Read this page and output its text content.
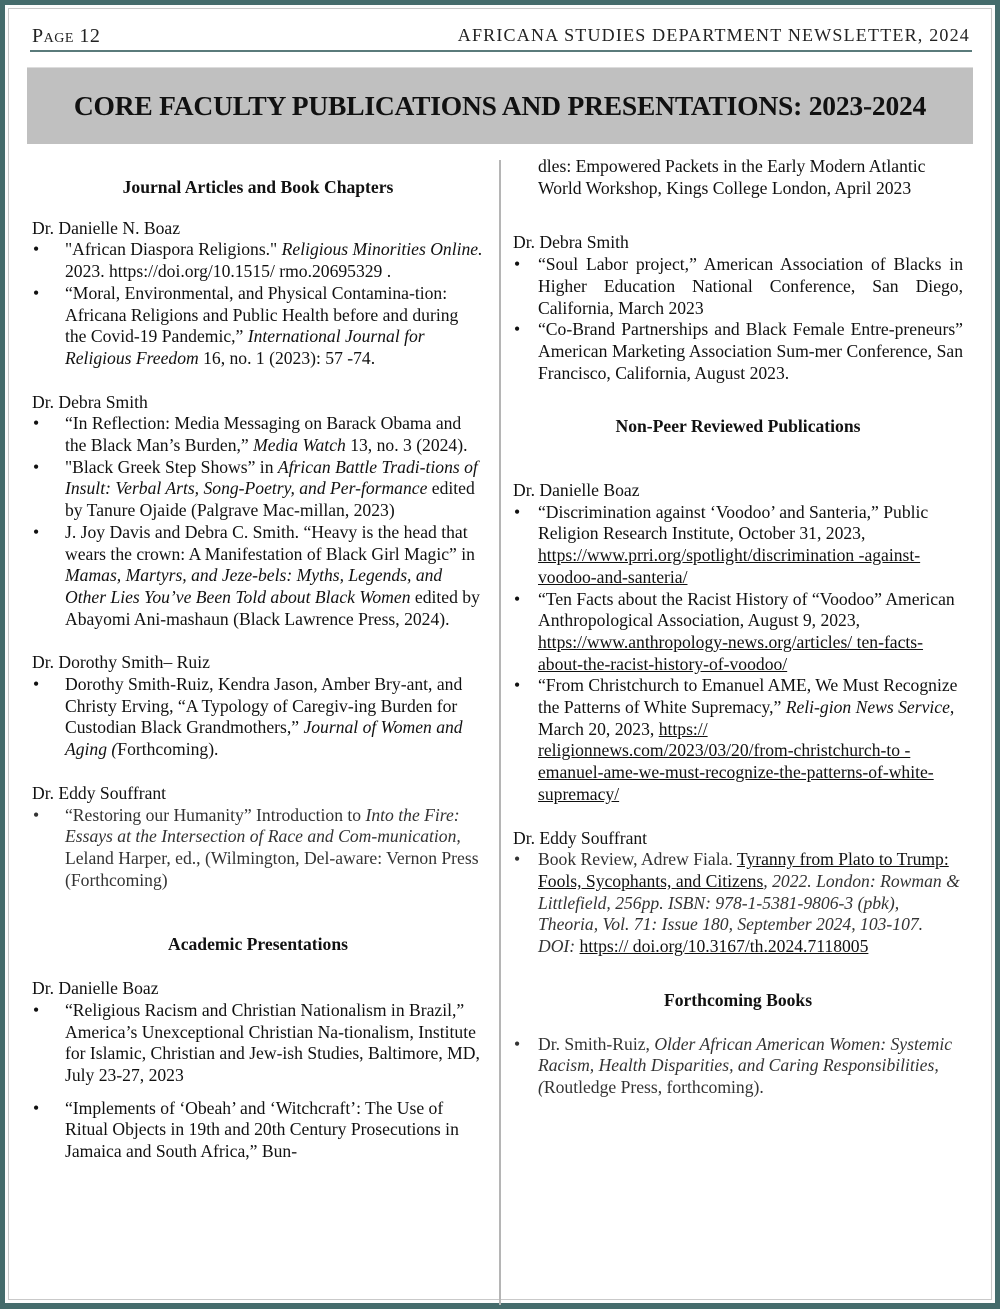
Page 12	AFRICANA STUDIES DEPARTMENT NEWSLETTER, 2024
CORE FACULTY PUBLICATIONS AND PRESENTATIONS: 2023-2024

Journal Articles and Book Chapters

Dr. Danielle N. Boaz

• "African Diaspora Religions." Religious Minorities Online. 2023. https://doi.org/10.1515/ rmo.20695329 .
• “Moral, Environmental, and Physical Contamina-tion: Africana Religions and Public Health before and during the Covid-19 Pandemic,” International Journal for Religious Freedom 16, no. 1 (2023): 57 -74.

Dr. Debra Smith

• “In Reflection: Media Messaging on Barack Obama and the Black Man’s Burden,” Media Watch 13, no. 3 (2024).
• "Black Greek Step Shows” in African Battle Tradi-tions of Insult: Verbal Arts, Song-Poetry, and Per-formance edited by Tanure Ojaide (Palgrave Mac-millan, 2023)
• J. Joy Davis and Debra C. Smith. “Heavy is the head that wears the crown: A Manifestation of Black Girl Magic” in Mamas, Martyrs, and Jeze-bels: Myths, Legends, and Other Lies You’ve Been Told about Black Women edited by Abayomi Ani-mashaun (Black Lawrence Press, 2024).

Dr. Dorothy Smith– Ruiz

• Dorothy Smith-Ruiz, Kendra Jason, Amber Bry-ant, and Christy Erving, “A Typology of Caregiv-ing Burden for Custodian Black Grandmothers,” Journal of Women and Aging (Forthcoming).

Dr. Eddy Souffrant

• “Restoring our Humanity” Introduction to Into the Fire: Essays at the Intersection of Race and Com-munication, Leland Harper, ed., (Wilmington, Del-aware: Vernon Press (Forthcoming)

Academic Presentations

Dr. Danielle Boaz

• “Religious Racism and Christian Nationalism in Brazil,” America’s Unexceptional Christian Na-tionalism, Institute for Islamic, Christian and Jew-ish Studies, Baltimore, MD, July 23-27, 2023
• “Implements of ‘Obeah’ and ‘Witchcraft’: The Use of Ritual Objects in 19th and 20th Century Prosecutions in Jamaica and South Africa,” Bun-
dles: Empowered Packets in the Early Modern Atlantic World Workshop, Kings College London, April 2023

Dr. Debra Smith

• “Soul Labor project,” American Association of Blacks in Higher Education National Conference, San Diego, California, March 2023
• “Co-Brand Partnerships and Black Female Entre-preneurs” American Marketing Association Sum-mer Conference, San Francisco, California, August 2023.

Non-Peer Reviewed Publications

Dr. Danielle Boaz

• “Discrimination against ‘Voodoo’ and Santeria,” Public Religion Research Institute, October 31, 2023, https://www.prri.org/spotlight/discrimination -against-voodoo-and-santeria/
• “Ten Facts about the Racist History of “Voodoo” American Anthropological Association, August 9, 2023, https://www.anthropology-news.org/articles/ ten-facts-about-the-racist-history-of-voodoo/
• “From Christchurch to Emanuel AME, We Must Recognize the Patterns of White Supremacy,” Reli-gion News Service, March 20, 2023, https:// religionnews.com/2023/03/20/from-christchurch-to -emanuel-ame-we-must-recognize-the-patterns-of-white-supremacy/

Dr. Eddy Souffrant

• Book Review, Adrew Fiala. Tyranny from Plato to Trump: Fools, Sycophants, and Citizens, 2022. London: Rowman & Littlefield, 256pp. ISBN: 978-1-5381-9806-3 (pbk), Theoria, Vol. 71: Issue 180, September 2024, 103-107. DOI: https:// doi.org/10.3167/th.2024.7118005

Forthcoming Books

• Dr. Smith-Ruiz, Older African American Women: Systemic Racism, Health Disparities, and Caring Responsibilities, (Routledge Press, forthcoming).
